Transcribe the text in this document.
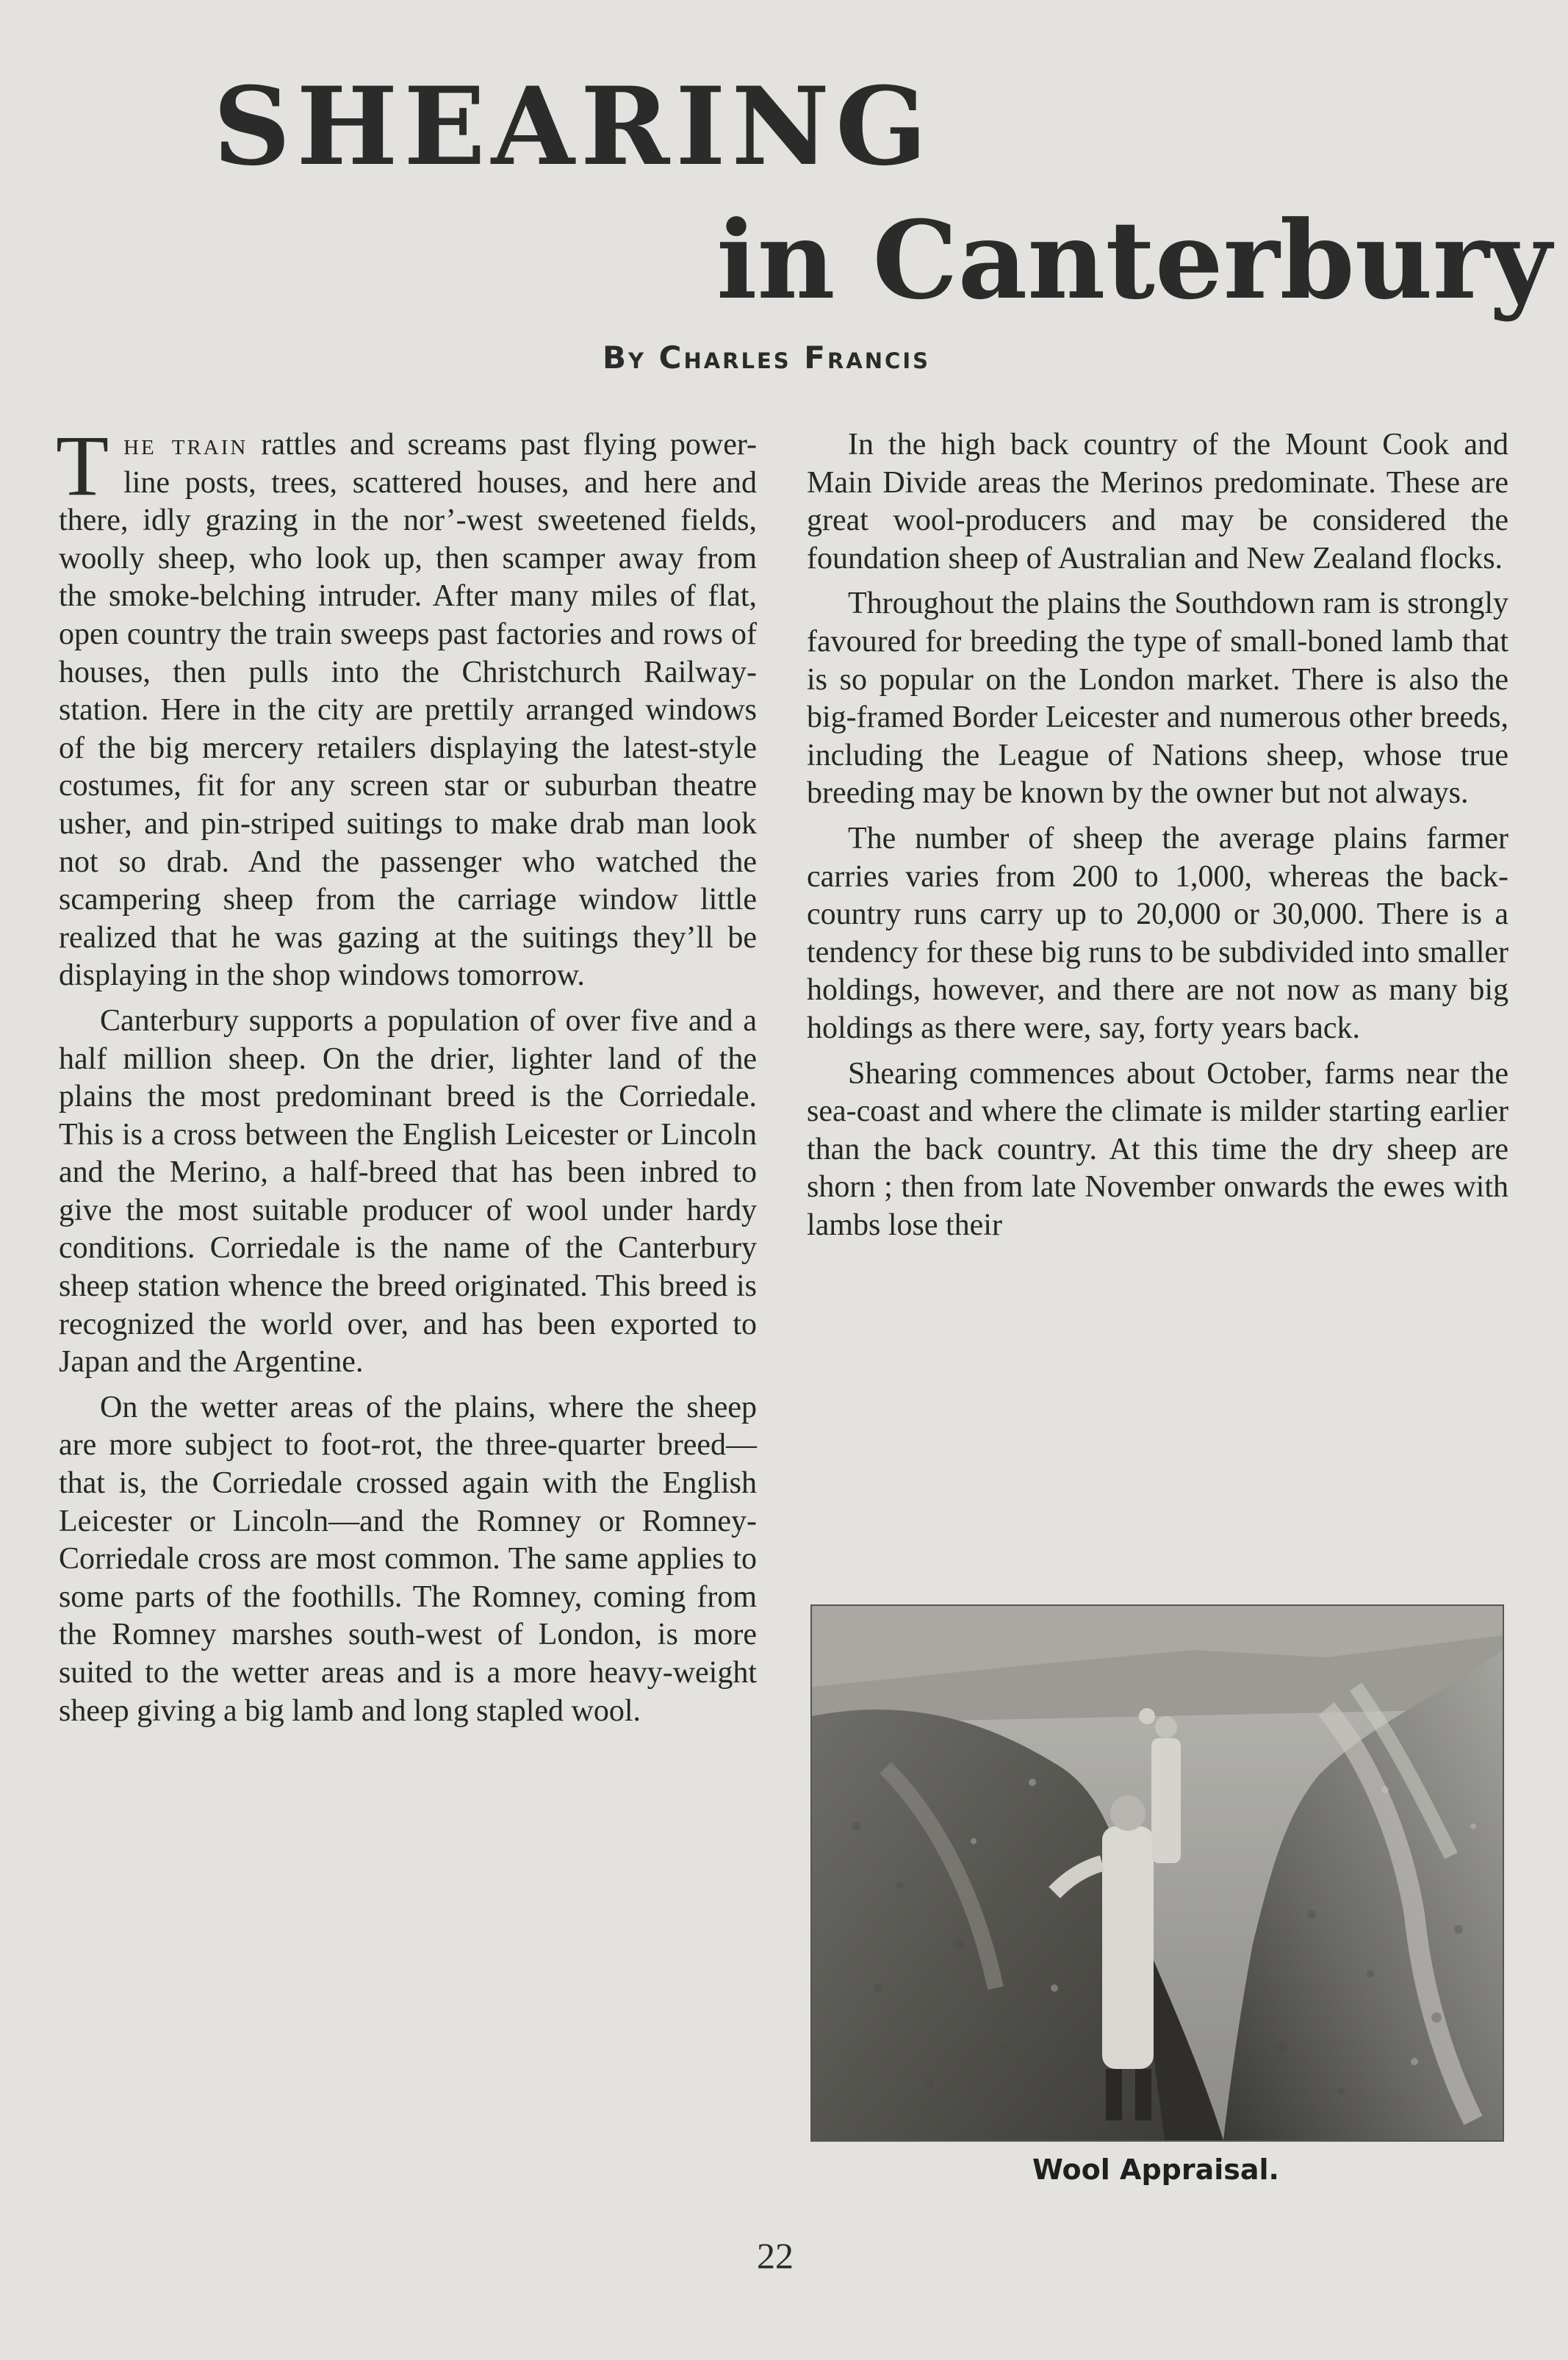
SHEARING
in Canterbury
By Charles Francis

The train rattles and screams past flying power-line posts, trees, scattered houses, and here and there, idly grazing in the nor’-west sweetened fields, woolly sheep, who look up, then scamper away from the smoke-belching intruder. After many miles of flat, open country the train sweeps past factories and rows of houses, then pulls into the Christchurch Railway-station. Here in the city are prettily arranged windows of the big mercery retailers displaying the latest-style costumes, fit for any screen star or suburban theatre usher, and pin-striped suitings to make drab man look not so drab. And the passenger who watched the scampering sheep from the carriage window little realized that he was gazing at the suitings they’ll be displaying in the shop windows tomorrow.

Canterbury supports a population of over five and a half million sheep. On the drier, lighter land of the plains the most predominant breed is the Corriedale. This is a cross between the English Leicester or Lincoln and the Merino, a half-breed that has been inbred to give the most suitable producer of wool under hardy conditions. Corriedale is the name of the Canterbury sheep station whence the breed originated. This breed is recognized the world over, and has been exported to Japan and the Argentine.

On the wetter areas of the plains, where the sheep are more subject to foot-rot, the three-quarter breed—that is, the Corriedale crossed again with the English Leicester or Lincoln—and the Romney or Romney-Corriedale cross are most common. The same applies to some parts of the foothills. The Romney, coming from the Romney marshes south-west of London, is more suited to the wetter areas and is a more heavy-weight sheep giving a big lamb and long stapled wool.

In the high back country of the Mount Cook and Main Divide areas the Merinos predominate. These are great wool-producers and may be considered the foundation sheep of Australian and New Zealand flocks.

Throughout the plains the Southdown ram is strongly favoured for breeding the type of small-boned lamb that is so popular on the London market. There is also the big-framed Border Leicester and numerous other breeds, including the League of Nations sheep, whose true breeding may be known by the owner but not always.

The number of sheep the average plains farmer carries varies from 200 to 1,000, whereas the back-country runs carry up to 20,000 or 30,000. There is a tendency for these big runs to be subdivided into smaller holdings, however, and there are not now as many big holdings as there were, say, forty years back.

Shearing commences about October, farms near the sea-coast and where the climate is milder starting earlier than the back country. At this time the dry sheep are shorn ; then from late November onwards the ewes with lambs lose their

Wool Appraisal.
22
